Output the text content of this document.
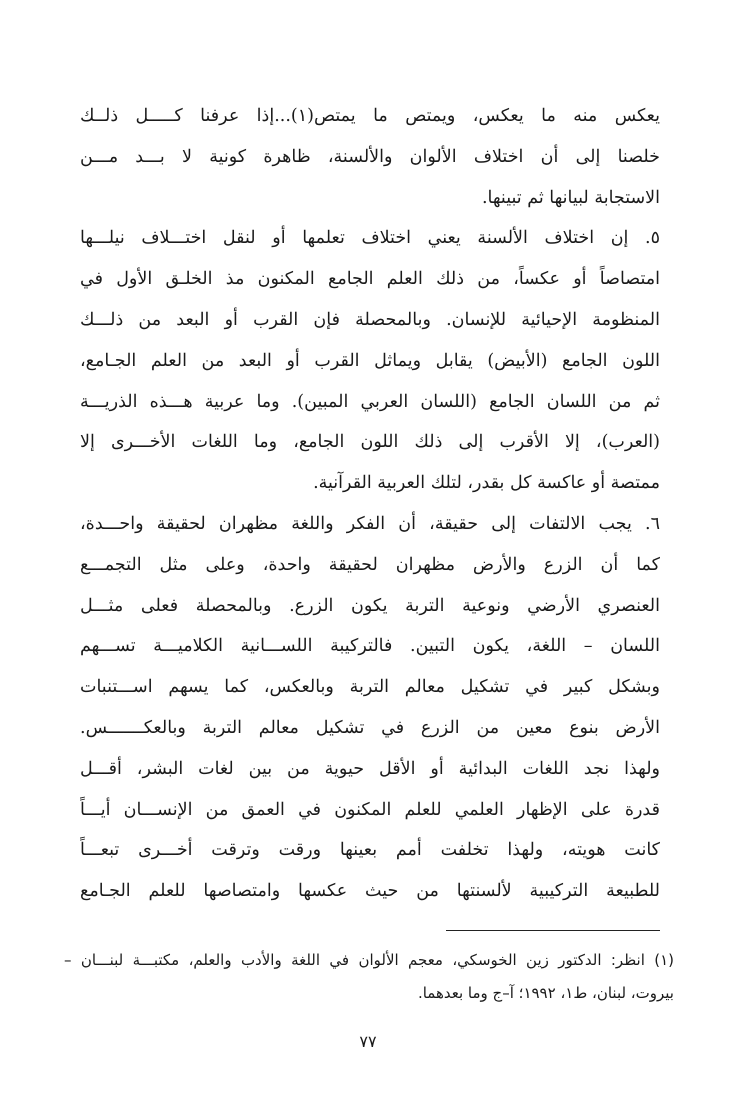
يعكس منه ما يعكس، ويمتص ما يمتص(١)...إذا عرفنا كـــــل ذلــك
خلصنا إلى أن اختلاف الألوان والألسنة، ظاهرة كونية لا بـــد مـــن
الاستجابة لبيانها ثم تبينها.
٥. إن اختلاف الألسنة يعني اختلاف تعلمها أو لنقل اختـــلاف نيلـــها
امتصاصاً أو عكساً، من ذلك العلم الجامع المكنون مذ الخلـق الأول في
المنظومة الإحيائية للإنسان. وبالمحصلة فإن القرب أو البعد من ذلـــك
اللون الجامع (الأبيض) يقابل ويماثل القرب أو البعد من العلم الجـامع،
ثم من اللسان الجامع (اللسان العربي المبين). وما عربية هـــذه الذريـــة
(العرب)، إلا الأقرب إلى ذلك اللون الجامع، وما اللغات الأخـــرى إلا
ممتصة أو عاكسة كل بقدر، لتلك العربية القرآنية.
٦. يجب الالتفات إلى حقيقة، أن الفكر واللغة مظهران لحقيقة واحـــدة،
كما أن الزرع والأرض مظهران لحقيقة واحدة، وعلى مثل التجمـــع
العنصري الأرضي ونوعية التربة يكون الزرع. وبالمحصلة فعلى مثـــل
اللسان – اللغة، يكون التبين. فالتركيبة اللســـانية الكلاميـــة تســـهم
وبشكل كبير في تشكيل معالم التربة وبالعكس، كما يسهم اســـتنبات
الأرض بنوع معين من الزرع في تشكيل معالم التربة وبالعكـــــــس.
ولهذا نجد اللغات البدائية أو الأقل حيوية من بين لغات البشر، أقـــل
قدرة على الإظهار العلمي للعلم المكنون في العمق من الإنســـان أيـــاً
كانت هويته، ولهذا تخلفت أمم بعينها ورقت وترقت أخـــرى تبعـــاً
للطبيعة التركيبية لألسنتها من حيث عكسها وامتصاصها للعلم الجـامع
(١) انظر: الدكتور زين الخوسكي، معجم الألوان في اللغة والأدب والعلم، مكتبـــة لبنـــان –
بيروت، لبنان، ط١، ١٩٩٢؛ آ–ج وما بعدهما.
٧٧
